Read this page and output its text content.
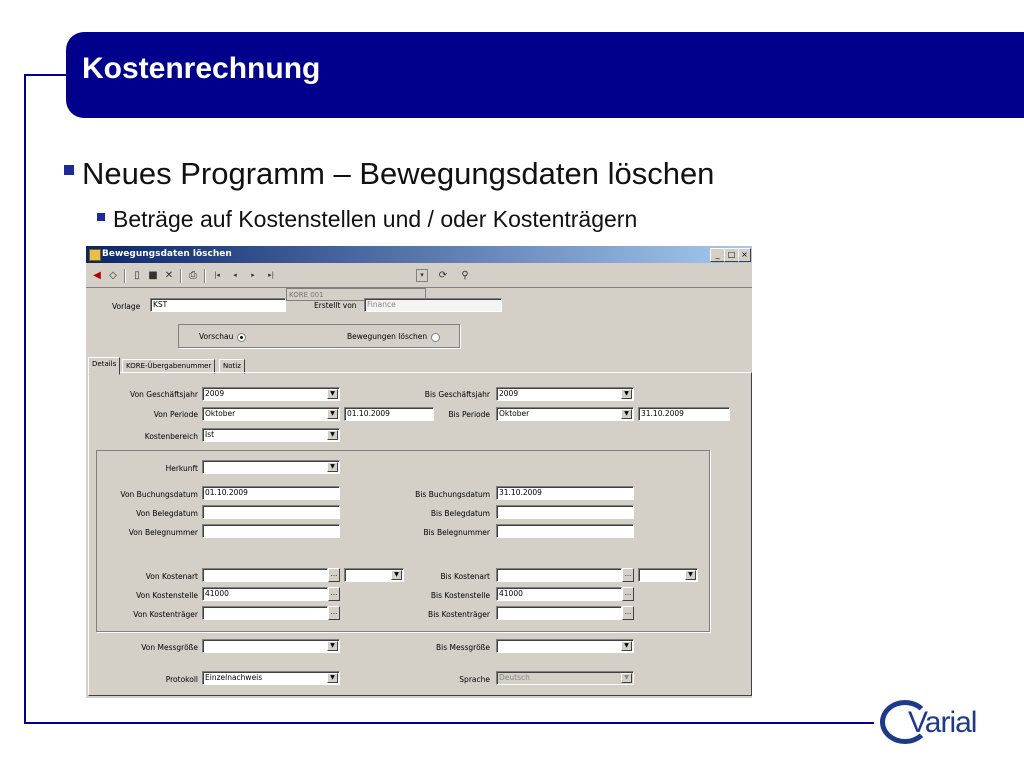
Kostenrechnung
Neues Programm – Bewegungsdaten löschen
Beträge auf Kostenstellen und / oder Kostenträgern
Bewegungsdaten löschen	_	□ ×
◀ ◇	▯ ■ ✕	⎙	|◂	◂	▸	▸|
KORE 001
▾	⟳	⚲
Vorlage	KST	Erstellt von	Finance
Vorschau	Bewegungen löschen
Details	KORE-Übergabenummer	Notiz
Von Geschäftsjahr 2009	▼	Bis Geschäftsjahr	2009	▼
Von Periode Oktober	▼	01.10.2009	Bis Periode	Oktober	▼	31.10.2009
Kostenbereich Ist	▼
Herkunft	▼
Von Buchungsdatum 01.10.2009	Bis Buchungsdatum	31.10.2009
Von Belegdatum	Bis Belegdatum
Von Belegnummer	Bis Belegnummer
Von Kostenart	...	▼	Bis Kostenart	...	▼
Von Kostenstelle 41000	...	Bis Kostenstelle	41000	...
Von Kostenträger	...	Bis Kostenträger	...
Von Messgröße	▼	Bis Messgröße	▼
Protokoll Einzelnachweis	▼	Sprache	Deutsch	▼
Varial
